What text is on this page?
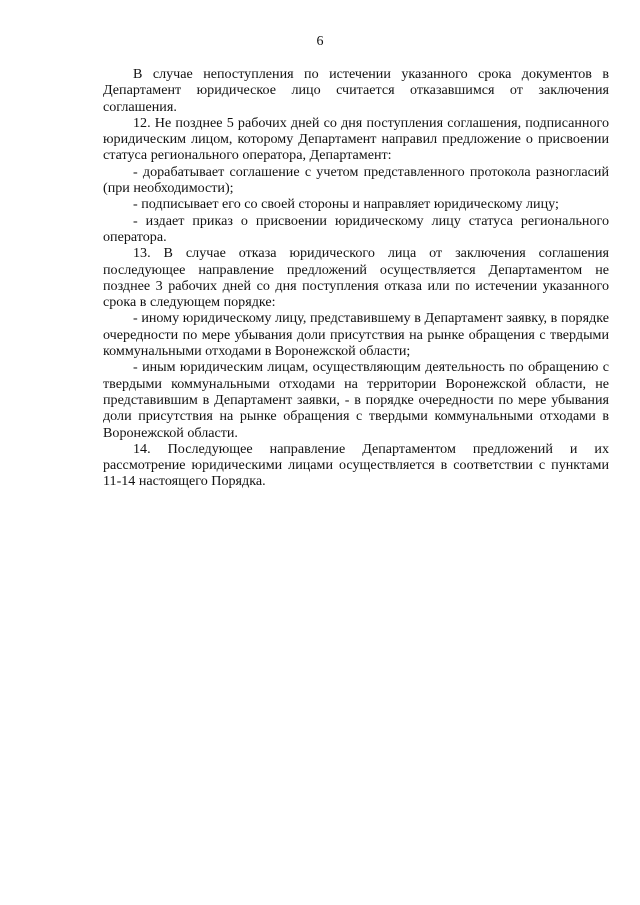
6

В случае непоступления по истечении указанного срока документов в Департамент юридическое лицо считается отказавшимся от заключения соглашения.

12. Не позднее 5 рабочих дней со дня поступления соглашения, подписанного юридическим лицом, которому Департамент направил предложение о присвоении статуса регионального оператора, Департамент:

- дорабатывает соглашение с учетом представленного протокола разногласий (при необходимости);

- подписывает его со своей стороны и направляет юридическому лицу;

- издает приказ о присвоении юридическому лицу статуса регионального оператора.

13. В случае отказа юридического лица от заключения соглашения последующее направление предложений осуществляется Департаментом не позднее 3 рабочих дней со дня поступления отказа или по истечении указанного срока в следующем порядке:

- иному юридическому лицу, представившему в Департамент заявку, в порядке очередности по мере убывания доли присутствия на рынке обращения с твердыми коммунальными отходами в Воронежской области;

- иным юридическим лицам, осуществляющим деятельность по обращению с твердыми коммунальными отходами на территории Воронежской области, не представившим в Департамент заявки, - в порядке очередности по мере убывания доли присутствия на рынке обращения с твердыми коммунальными отходами в Воронежской области.

14. Последующее направление Департаментом предложений и их рассмотрение юридическими лицами осуществляется в соответствии с пунктами 11-14 настоящего Порядка.
